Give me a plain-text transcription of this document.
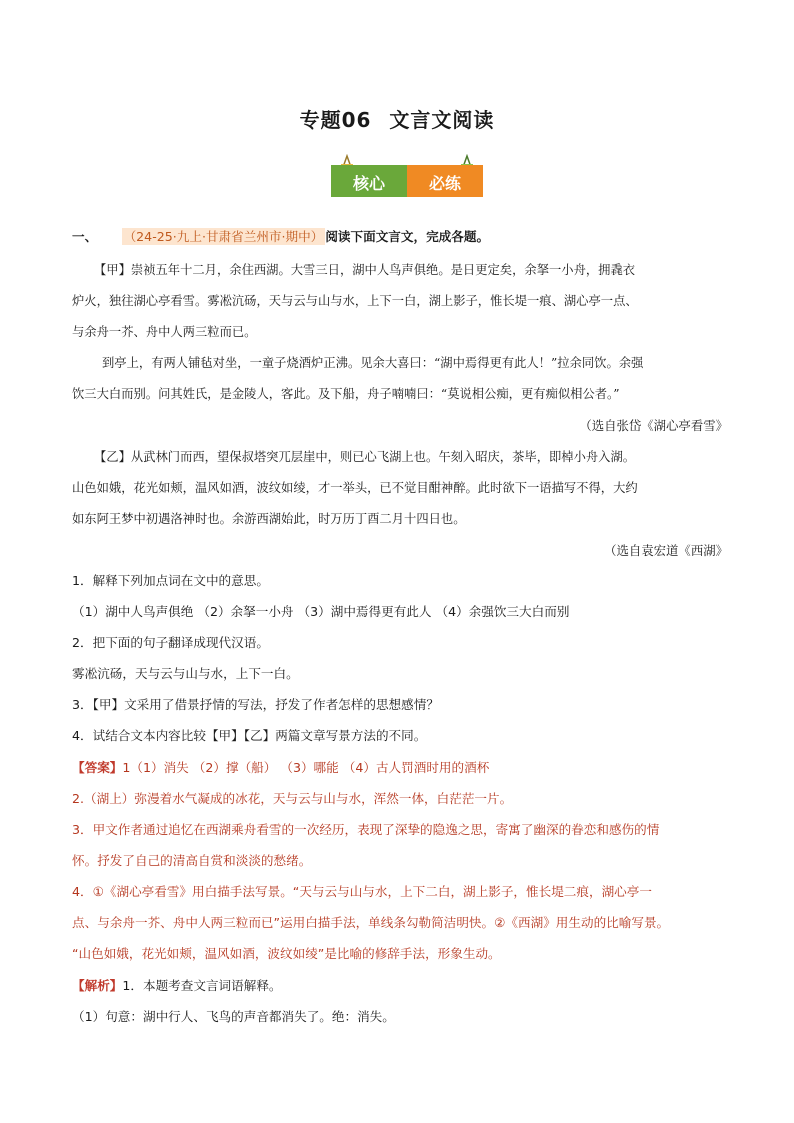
专题06 文言文阅读
核心	必练
一、 （24-25·九上·甘肃省兰州市·期中） 阅读下面文言文，完成各题。
【甲】崇祯五年十二月，余住西湖。大雪三日，湖中人鸟声俱绝。是日更定矣，余拏一小舟，拥毳衣
炉火，独往湖心亭看雪。雾凇沆砀，天与云与山与水，上下一白，湖上影子，惟长堤一痕、湖心亭一点、
与余舟一芥、舟中人两三粒而已。
到亭上，有两人铺毡对坐，一童子烧酒炉正沸。见余大喜曰：“湖中焉得更有此人！”拉余同饮。余强
饮三大白而别。问其姓氏，是金陵人，客此。及下船，舟子喃喃曰：“莫说相公痴，更有痴似相公者。”
（选自张岱《湖心亭看雪》
【乙】从武林门而西，望保叔塔突兀层崖中，则已心飞湖上也。午刻入昭庆，茶毕，即棹小舟入湖。
山色如娥，花光如颊，温风如酒，波纹如绫，才一举头，已不觉目酣神醉。此时欲下一语描写不得，大约
如东阿王梦中初遇洛神时也。余游西湖始此，时万历丁酉二月十四日也。
（选自袁宏道《西湖》
1．解释下列加点词在文中的意思。
（1）湖中人鸟声俱绝 （2）余拏一小舟 （3）湖中焉得更有此人 （4）余强饮三大白而别
2．把下面的句子翻译成现代汉语。
雾凇沆砀，天与云与山与水，上下一白。
3．【甲】文采用了借景抒情的写法，抒发了作者怎样的思想感情？
4．试结合文本内容比较【甲】【乙】两篇文章写景方法的不同。
【答案】1（1）消失 （2）撑（船） （3）哪能 （4）古人罚酒时用的酒杯
2.（湖上）弥漫着水气凝成的冰花，天与云与山与水，浑然一体，白茫茫一片。
3．甲文作者通过追忆在西湖乘舟看雪的一次经历，表现了深挚的隐逸之思，寄寓了幽深的眷恋和感伤的情
怀。抒发了自己的清高自赏和淡淡的愁绪。
4．①《湖心亭看雪》用白描手法写景。“天与云与山与水，上下二白，湖上影子，惟长堤二痕，湖心亭一
点、与余舟一芥、舟中人两三粒而已”运用白描手法，单线条勾勒简洁明快。②《西湖》用生动的比喻写景。
“山色如娥，花光如颊，温风如酒，波纹如绫”是比喻的修辞手法，形象生动。
【解析】1．本题考查文言词语解释。
（1）句意：湖中行人、飞鸟的声音都消失了。绝：消失。
